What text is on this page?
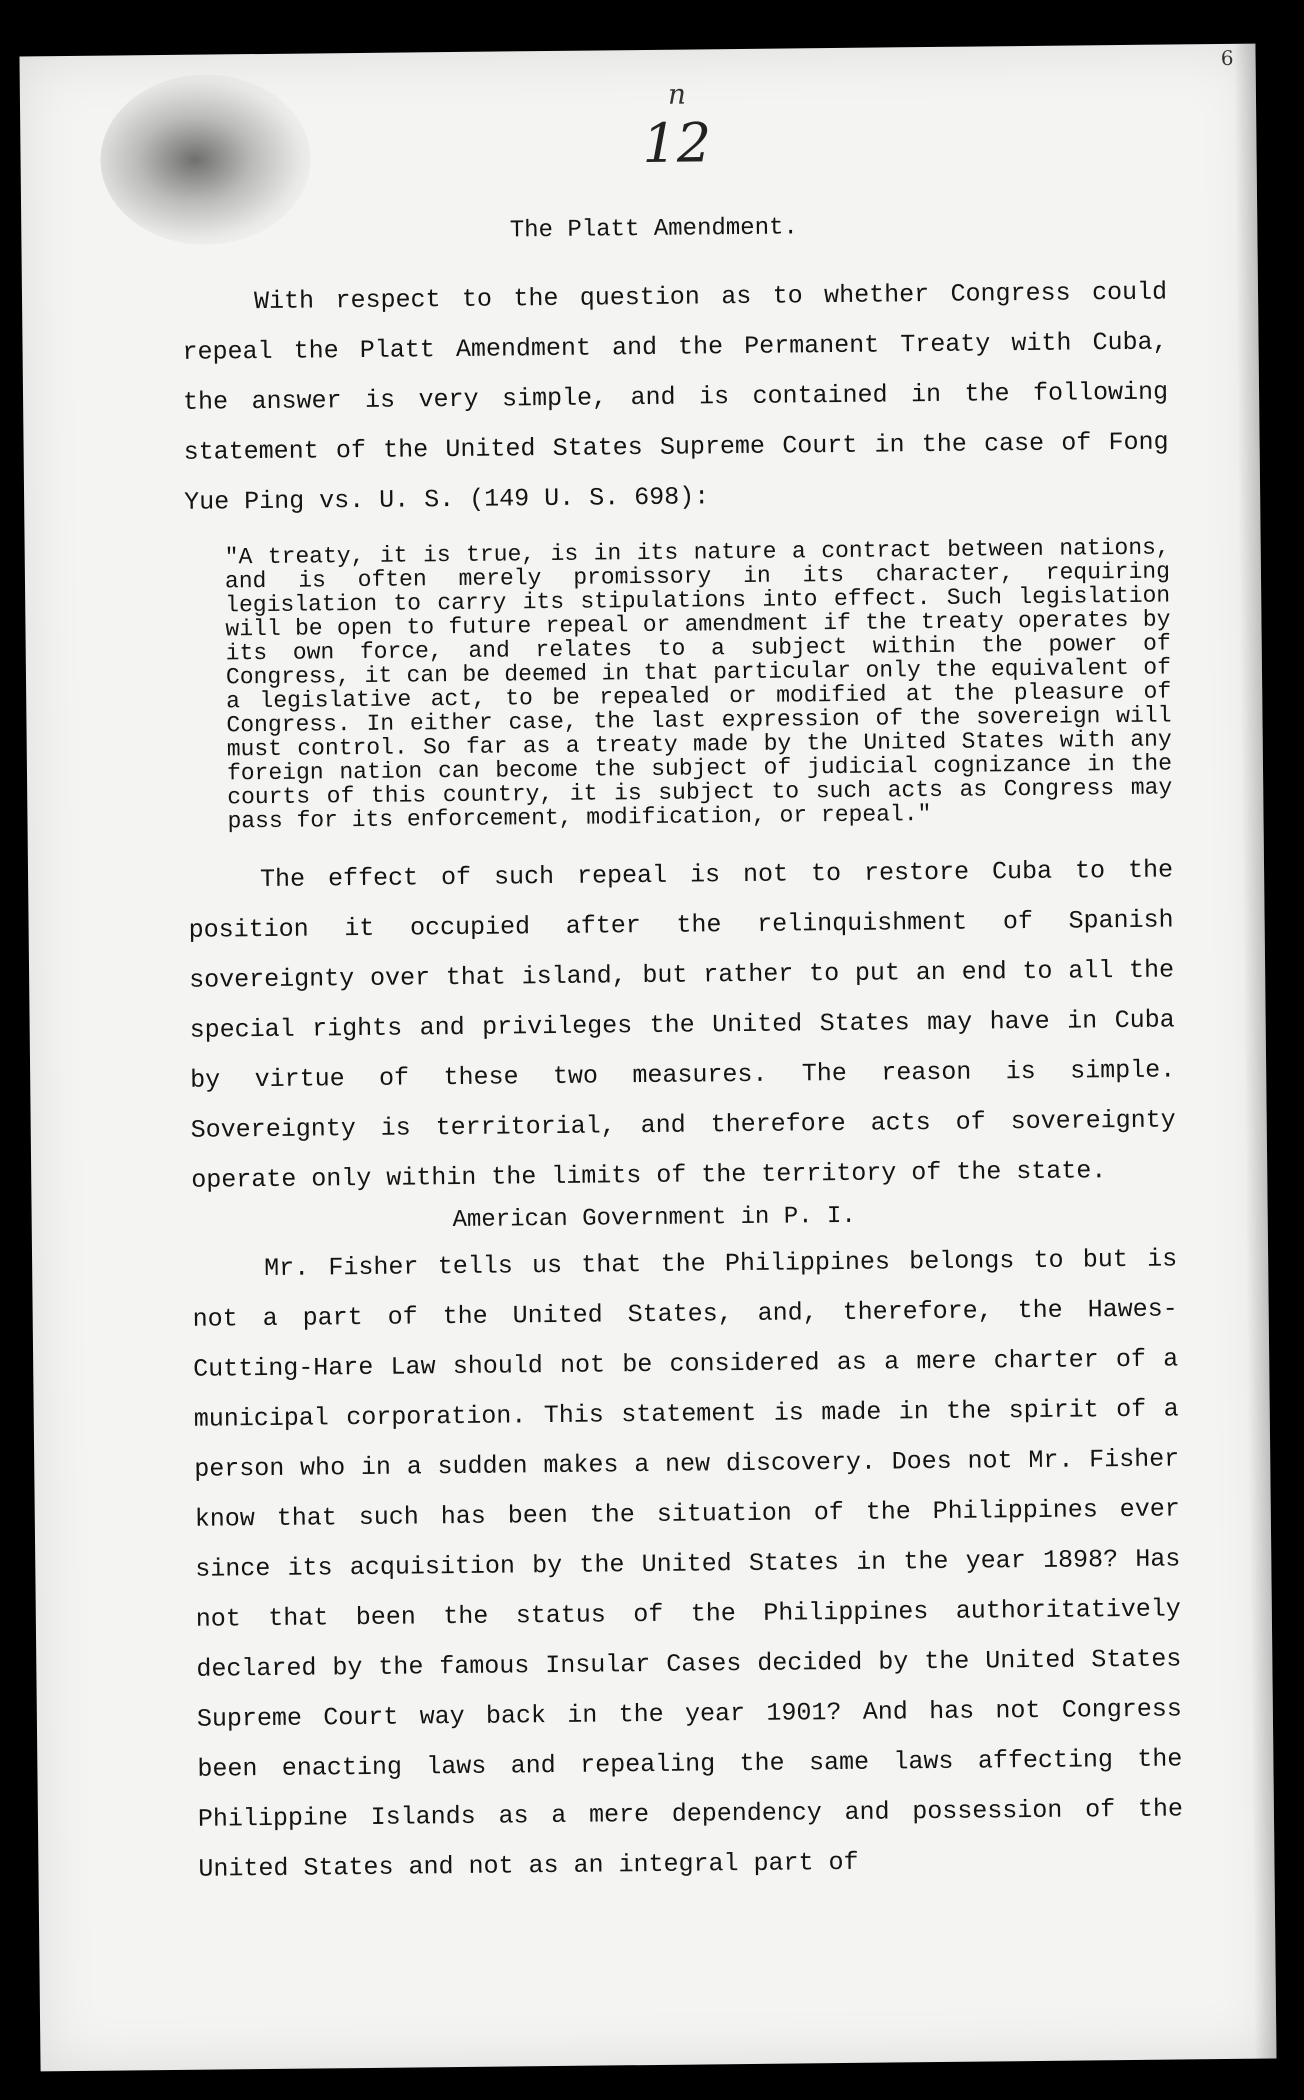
6
n
12
The Platt Amendment.

With respect to the question as to whether Congress could repeal the Platt Amendment and the Permanent Treaty with Cuba, the answer is very simple, and is contained in the following statement of the United States Supreme Court in the case of Fong Yue Ping vs. U. S. (149 U. S. 698):

"A treaty, it is true, is in its nature a contract between nations, and is often merely promissory in its character, requiring legislation to carry its stipulations into effect. Such legislation will be open to future repeal or amendment if the treaty operates by its own force, and relates to a subject within the power of Congress, it can be deemed in that particular only the equivalent of a legislative act, to be repealed or modified at the pleasure of Congress. In either case, the last expression of the sovereign will must control. So far as a treaty made by the United States with any foreign nation can become the subject of judicial cognizance in the courts of this country, it is subject to such acts as Congress may pass for its enforcement, modification, or repeal."

The effect of such repeal is not to restore Cuba to the position it occupied after the relinquishment of Spanish sovereignty over that island, but rather to put an end to all the special rights and privileges the United States may have in Cuba by virtue of these two measures. The reason is simple. Sovereignty is territorial, and therefore acts of sovereignty operate only within the limits of the territory of the state.

American Government in P. I.

Mr. Fisher tells us that the Philippines belongs to but is not a part of the United States, and, therefore, the Hawes-Cutting-Hare Law should not be considered as a mere charter of a municipal corporation. This statement is made in the spirit of a person who in a sudden makes a new discovery. Does not Mr. Fisher know that such has been the situation of the Philippines ever since its acquisition by the United States in the year 1898? Has not that been the status of the Philippines authoritatively declared by the famous Insular Cases decided by the United States Supreme Court way back in the year 1901? And has not Congress been enacting laws and repealing the same laws affecting the Philippine Islands as a mere dependency and possession of the United States and not as an integral part of
